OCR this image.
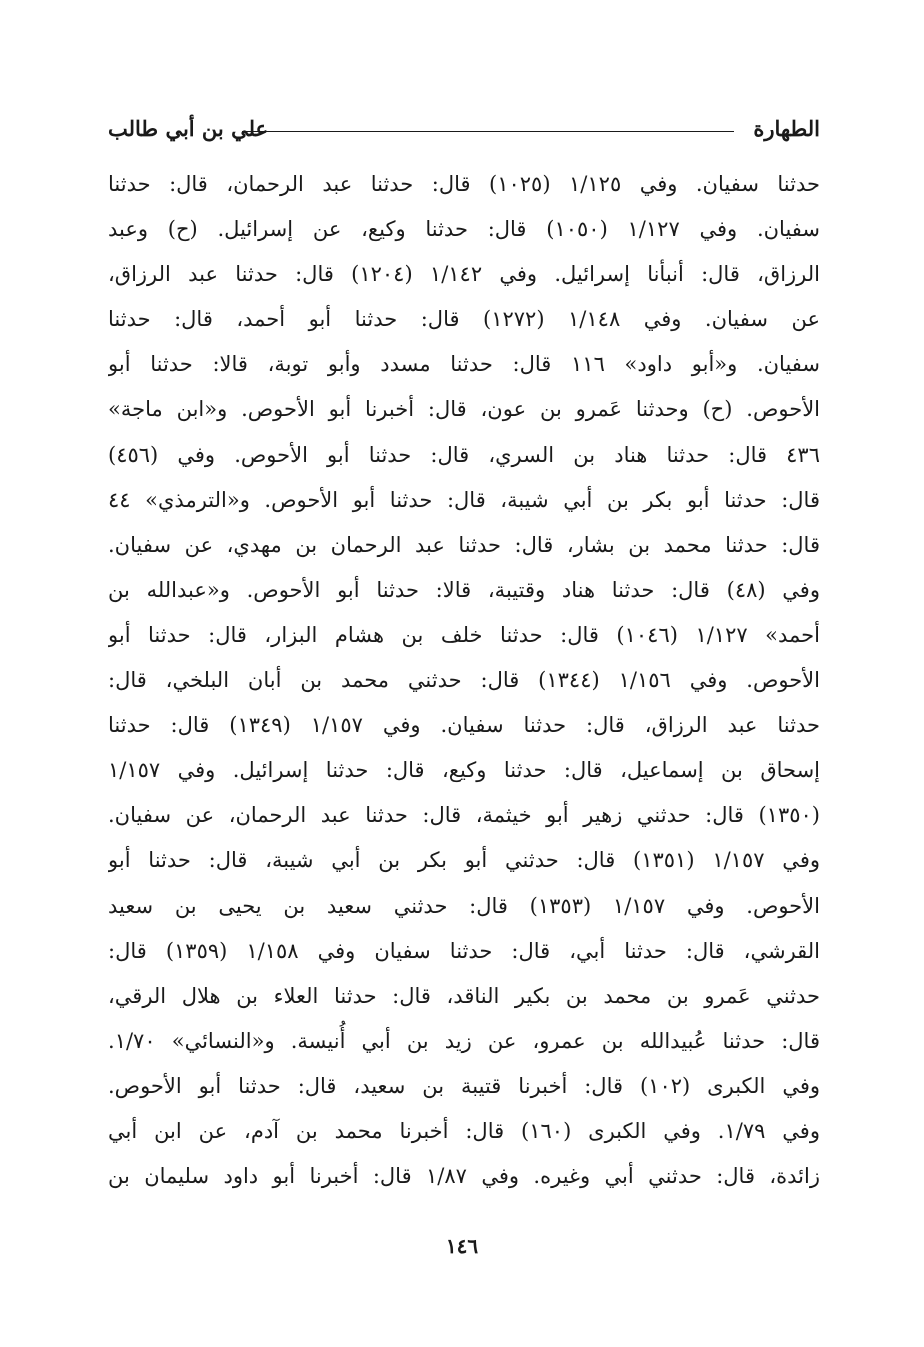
الطهارة
علي بن أبي طالب
حدثنا سفيان. وفي ١/١٢٥ (١٠٢٥) قال: حدثنا عبد الرحمان، قال: حدثنا
سفيان. وفي ١/١٢٧ (١٠٥٠) قال: حدثنا وكيع، عن إسرائيل. (ح) وعبد
الرزاق، قال: أنبأنا إسرائيل. وفي ١/١٤٢ (١٢٠٤) قال: حدثنا عبد الرزاق،
عن سفيان. وفي ١/١٤٨ (١٢٧٢) قال: حدثنا أبو أحمد، قال: حدثنا
سفيان. و«أبو داود» ١١٦ قال: حدثنا مسدد وأبو توبة، قالا: حدثنا أبو
الأحوص. (ح) وحدثنا عَمرو بن عون، قال: أخبرنا أبو الأحوص. و«ابن ماجة»
٤٣٦ قال: حدثنا هناد بن السري، قال: حدثنا أبو الأحوص. وفي (٤٥٦)
قال: حدثنا أبو بكر بن أبي شيبة، قال: حدثنا أبو الأحوص. و«الترمذي» ٤٤
قال: حدثنا محمد بن بشار، قال: حدثنا عبد الرحمان بن مهدي، عن سفيان.
وفي (٤٨) قال: حدثنا هناد وقتيبة، قالا: حدثنا أبو الأحوص. و«عبدالله بن
أحمد» ١/١٢٧ (١٠٤٦) قال: حدثنا خلف بن هشام البزار، قال: حدثنا أبو
الأحوص. وفي ١/١٥٦ (١٣٤٤) قال: حدثني محمد بن أبان البلخي، قال:
حدثنا عبد الرزاق، قال: حدثنا سفيان. وفي ١/١٥٧ (١٣٤٩) قال: حدثنا
إسحاق بن إسماعيل، قال: حدثنا وكيع، قال: حدثنا إسرائيل. وفي ١/١٥٧
(١٣٥٠) قال: حدثني زهير أبو خيثمة، قال: حدثنا عبد الرحمان، عن سفيان.
وفي ١/١٥٧ (١٣٥١) قال: حدثني أبو بكر بن أبي شيبة، قال: حدثنا أبو
الأحوص. وفي ١/١٥٧ (١٣٥٣) قال: حدثني سعيد بن يحيى بن سعيد
القرشي، قال: حدثنا أبي، قال: حدثنا سفيان وفي ١/١٥٨ (١٣٥٩) قال:
حدثني عَمرو بن محمد بن بكير الناقد، قال: حدثنا العلاء بن هلال الرقي،
قال: حدثنا عُبيدالله بن عمرو، عن زيد بن أبي أُنيسة. و«النسائي» ١/٧٠.
وفي الكبرى (١٠٢) قال: أخبرنا قتيبة بن سعيد، قال: حدثنا أبو الأحوص.
وفي ١/٧٩. وفي الكبرى (١٦٠) قال: أخبرنا محمد بن آدم، عن ابن أبي
زائدة، قال: حدثني أبي وغيره. وفي ١/٨٧ قال: أخبرنا أبو داود سليمان بن
١٤٦
